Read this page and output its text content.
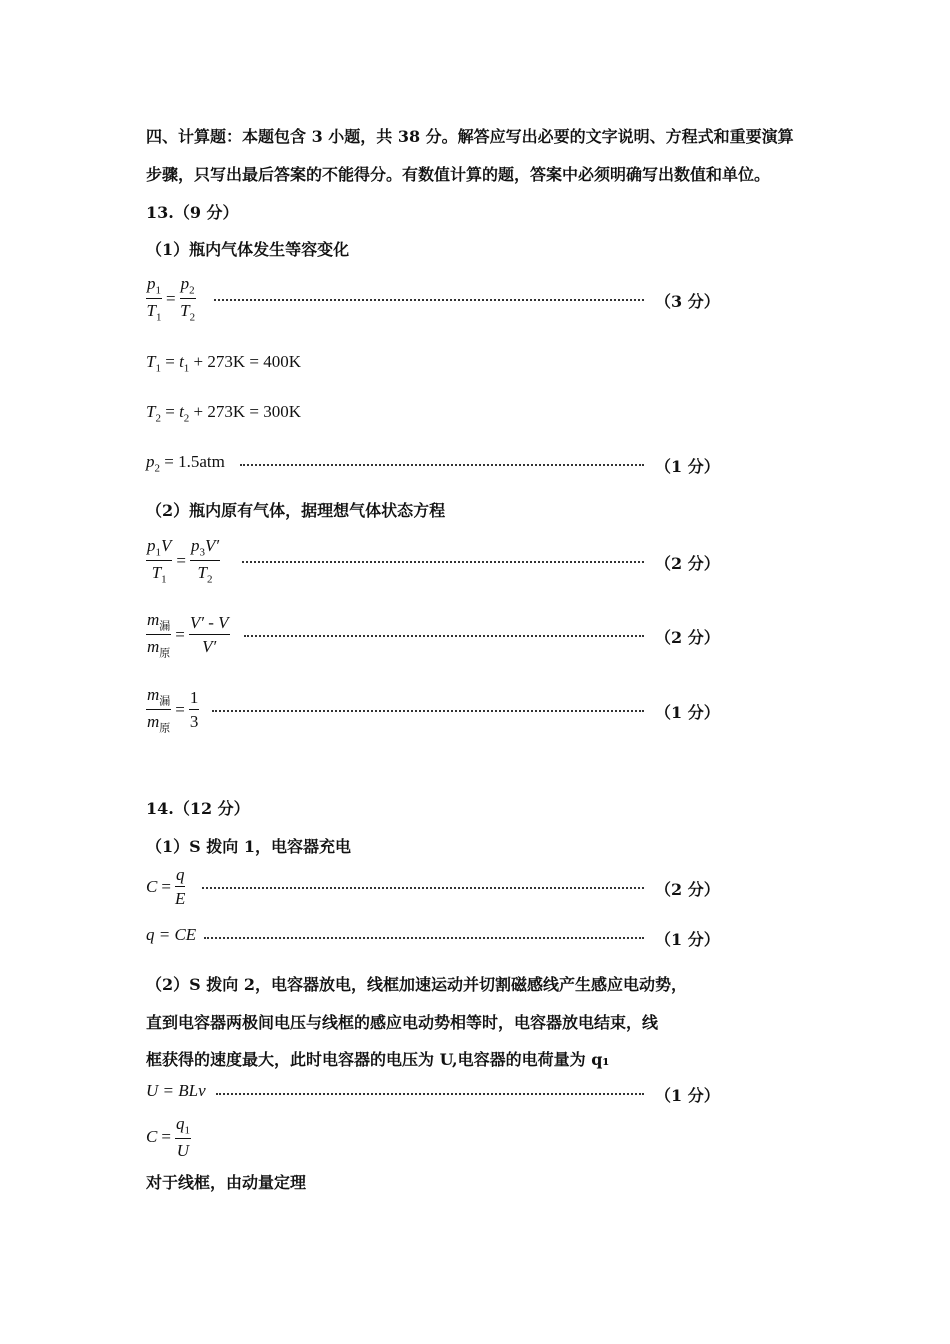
四、计算题：本题包含 3 小题，共 38 分。解答应写出必要的文字说明、方程式和重要演算
步骤，只写出最后答案的不能得分。有数值计算的题，答案中必须明确写出数值和单位。
13.（9 分）
（1）瓶内气体发生等容变化
$\frac{p_1}{T_1} = \frac{p_2}{T_2}$	（3 分）
$T_1 = t_1 + 273K = 400K$
$T_2 = t_2 + 273K = 300K$
$p_2 = 1.5atm$	（1 分）
（2）瓶内原有气体，据理想气体状态方程
$\frac{p_1V}{T_1} = \frac{p_3V'}{T_2}$	（2 分）
$\frac{m_漏}{m_原} = \frac{V' - V}{V'}$	（2 分）
$\frac{m_漏}{m_原} = \frac{1}{3}$	（1 分）
14.（12 分）
（1）S 拨向 1，电容器充电
$C = \frac{q}{E}$	（2 分）
q = CE	（1 分）
（2）S 拨向 2，电容器放电，线框加速运动并切割磁感线产生感应电动势，
直到电容器两极间电压与线框的感应电动势相等时，电容器放电结束，线
框获得的速度最大，此时电容器的电压为 U,电容器的电荷量为 q₁
U = BLv	（1 分）
$C = \frac{q_1}{U}$
对于线框，由动量定理
